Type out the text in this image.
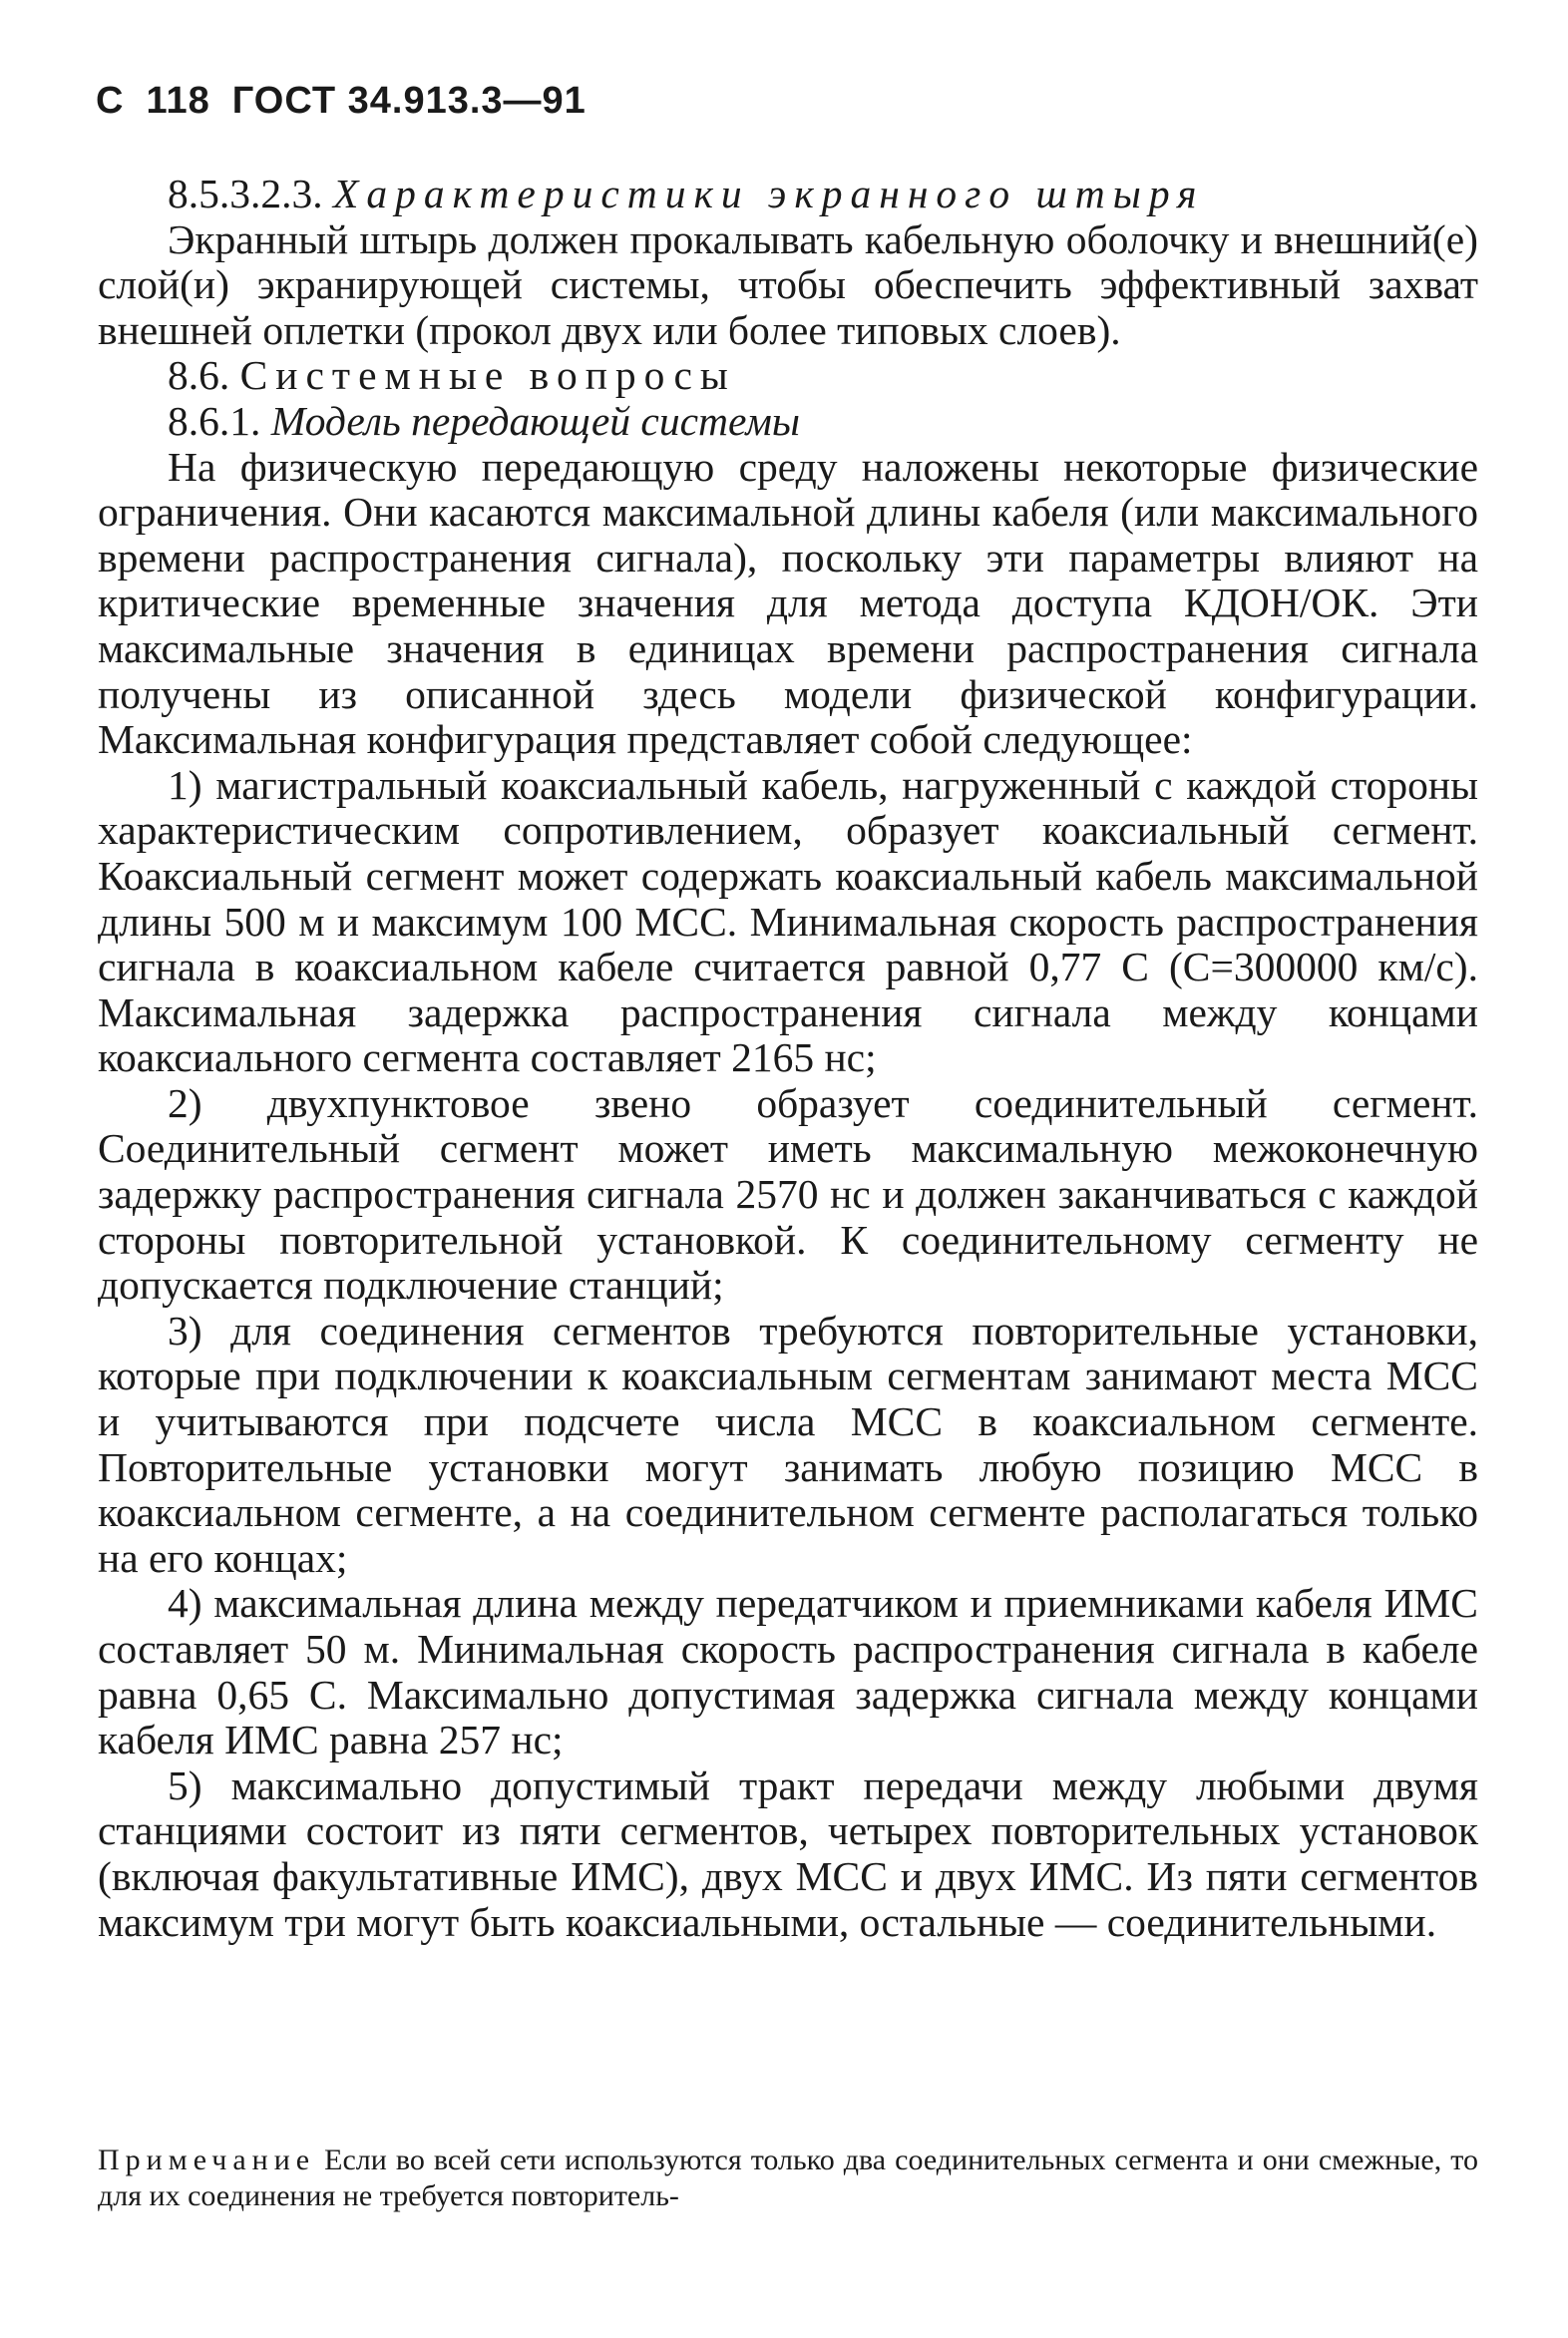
С 118 ГОСТ 34.913.3—91

8.5.3.2.3. Характеристики экранного штыря

Экранный штырь должен прокалывать кабельную оболочку и внешний(е) слой(и) экранирующей системы, чтобы обеспечить эффективный захват внешней оплетки (прокол двух или более типовых слоев).

8.6. Системные вопросы

8.6.1. Модель передающей системы

На физическую передающую среду наложены некоторые физические ограничения. Они касаются максимальной длины кабеля (или максимального времени распространения сигнала), поскольку эти параметры влияют на критические временные значения для метода доступа КДОН/ОК. Эти максимальные значения в единицах времени распространения сигнала получены из описанной здесь модели физической конфигурации. Максимальная конфигурация представляет собой следующее:

1) магистральный коаксиальный кабель, нагруженный с каждой стороны характеристическим сопротивлением, образует коаксиальный сегмент. Коаксиальный сегмент может содержать коаксиальный кабель максимальной длины 500 м и максимум 100 МСС. Минимальная скорость распространения сигнала в коаксиальном кабеле считается равной 0,77 С (С=300000 км/с). Максимальная задержка распространения сигнала между концами коаксиального сегмента составляет 2165 нс;

2) двухпунктовое звено образует соединительный сегмент. Соединительный сегмент может иметь максимальную межоконечную задержку распространения сигнала 2570 нс и должен заканчиваться с каждой стороны повторительной установкой. К соединительному сегменту не допускается подключение станций;

3) для соединения сегментов требуются повторительные установки, которые при подключении к коаксиальным сегментам занимают места МСС и учитываются при подсчете числа МСС в коаксиальном сегменте. Повторительные установки могут занимать любую позицию МСС в коаксиальном сегменте, а на соединительном сегменте располагаться только на его концах;

4) максимальная длина между передатчиком и приемниками кабеля ИМС составляет 50 м. Минимальная скорость распространения сигнала в кабеле равна 0,65 С. Максимально допустимая задержка сигнала между концами кабеля ИМС равна 257 нс;

5) максимально допустимый тракт передачи между любыми двумя станциями состоит из пяти сегментов, четырех повторительных установок (включая факультативные ИМС), двух МСС и двух ИМС. Из пяти сегментов максимум три могут быть коаксиальными, остальные — соединительными.

Примечание Если во всей сети используются только два соединительных сегмента и они смежные, то для их соединения не требуется повторитель-
